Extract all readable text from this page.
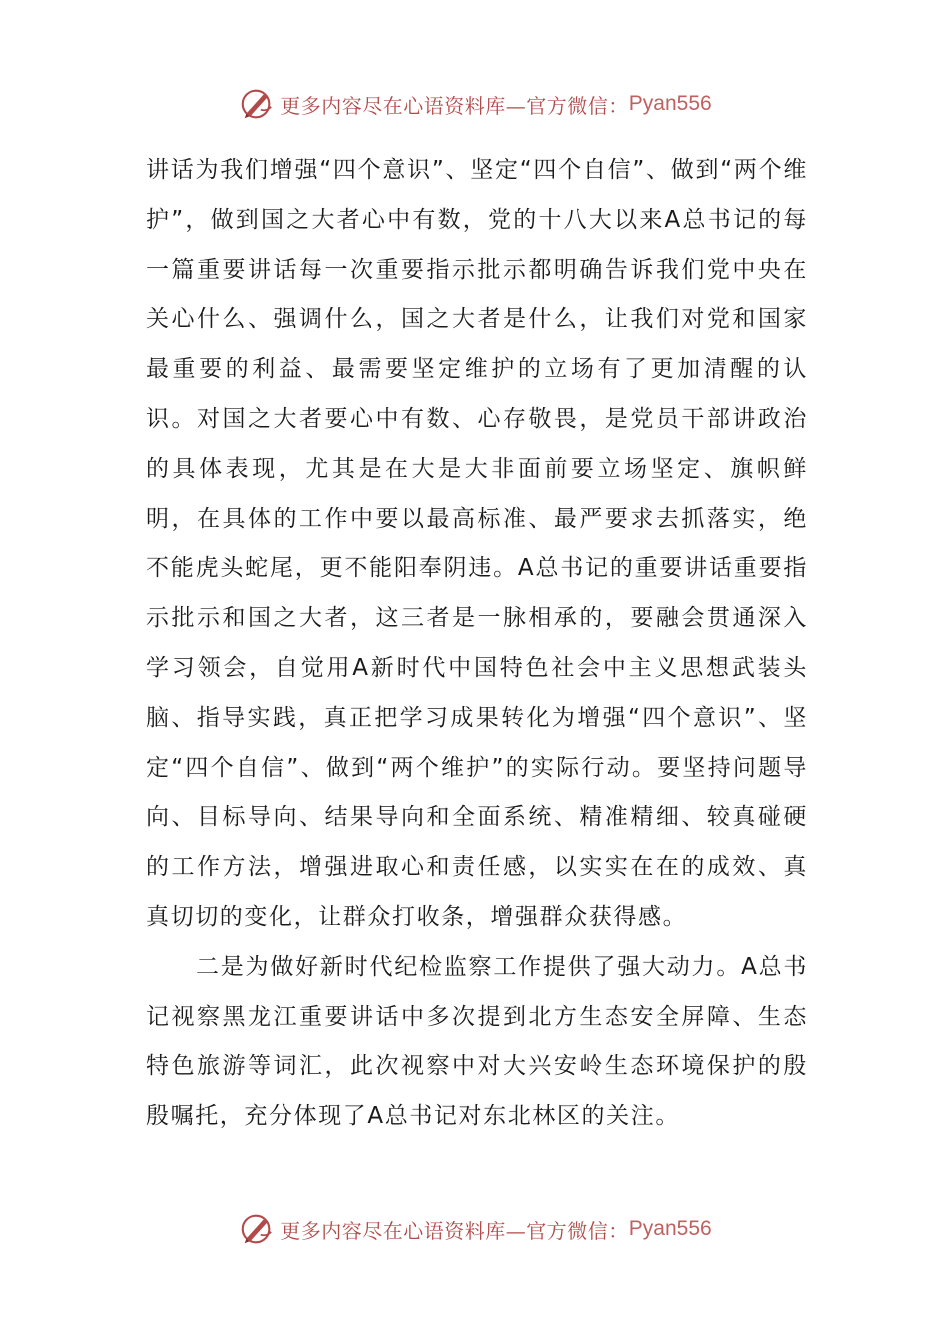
更多内容尽在心语资料库—官方微信： Pyan556

讲话为我们增强“四个意识”、坚定“四个自信”、做到“两个维护”，做到国之大者心中有数，党的十八大以来A总书记的每一篇重要讲话每一次重要指示批示都明确告诉我们党中央在关心什么、强调什么，国之大者是什么，让我们对党和国家最重要的利益、最需要坚定维护的立场有了更加清醒的认识。对国之大者要心中有数、心存敬畏，是党员干部讲政治的具体表现，尤其是在大是大非面前要立场坚定、旗帜鲜明，在具体的工作中要以最高标准、最严要求去抓落实，绝不能虎头蛇尾，更不能阳奉阴违。A总书记的重要讲话重要指示批示和国之大者，这三者是一脉相承的，要融会贯通深入学习领会，自觉用A新时代中国特色社会中主义思想武装头脑、指导实践，真正把学习成果转化为增强“四个意识”、坚定“四个自信”、做到“两个维护”的实际行动。要坚持问题导向、目标导向、结果导向和全面系统、精准精细、较真碰硬的工作方法，增强进取心和责任感，以实实在在的成效、真真切切的变化，让群众打收条，增强群众获得感。

二是为做好新时代纪检监察工作提供了强大动力。A总书记视察黑龙江重要讲话中多次提到北方生态安全屏障、生态特色旅游等词汇，此次视察中对大兴安岭生态环境保护的殷殷嘱托，充分体现了A总书记对东北林区的关注。

更多内容尽在心语资料库—官方微信： Pyan556
